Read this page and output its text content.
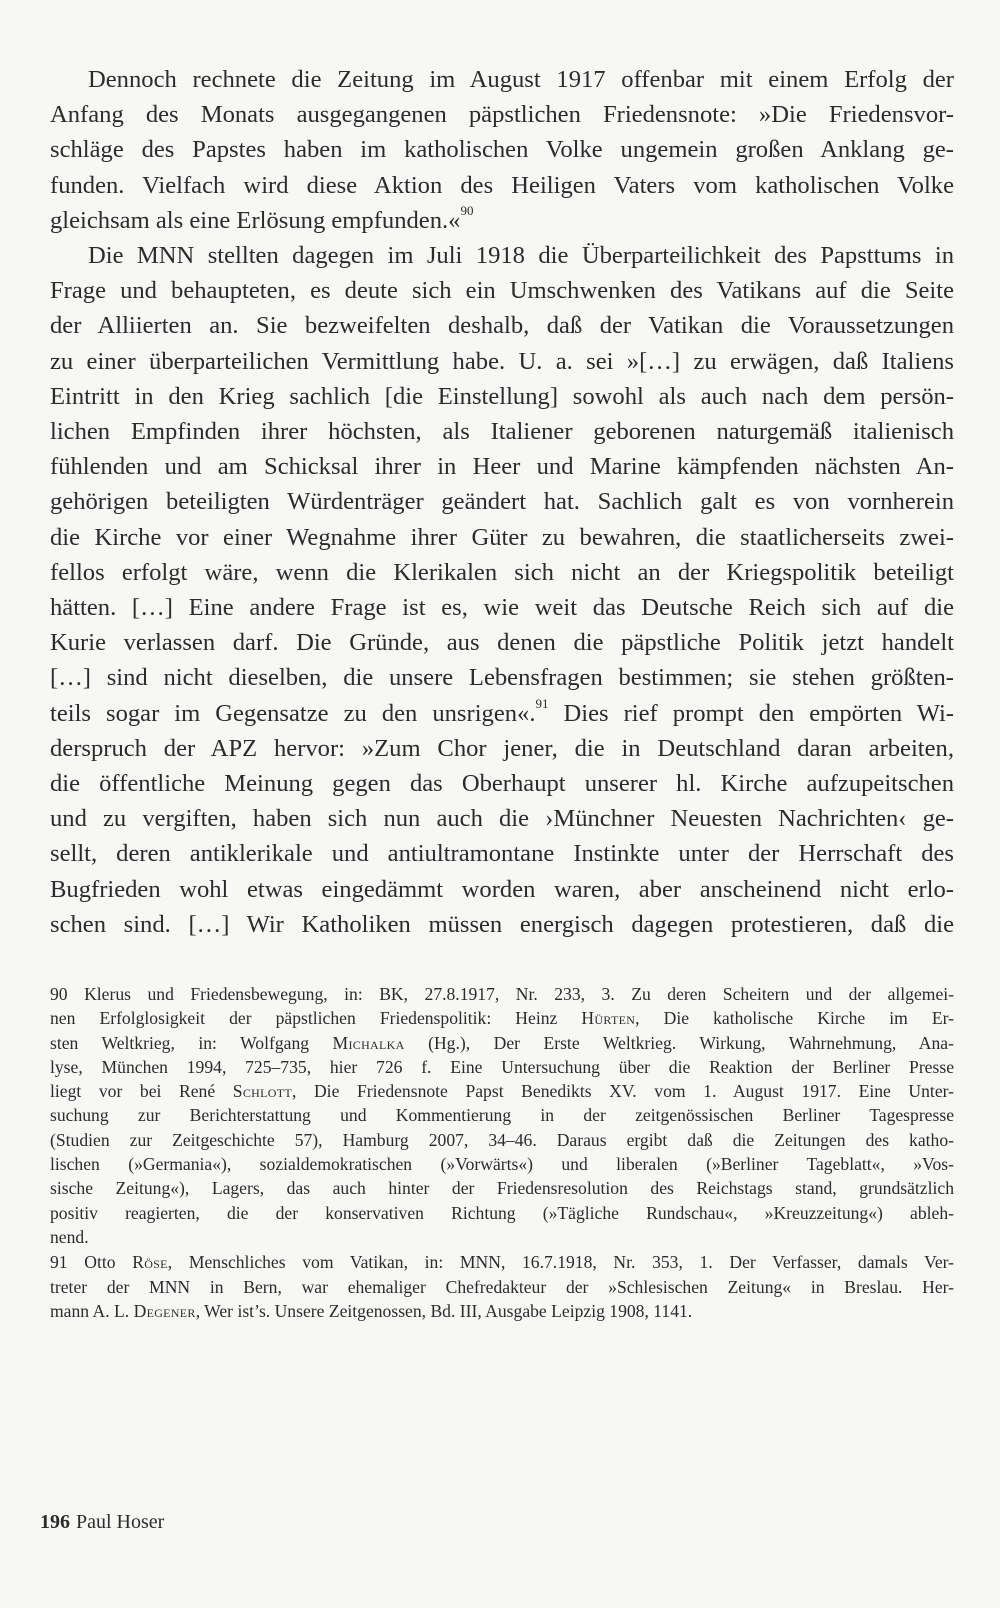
Dennoch rechnete die Zeitung im August 1917 offenbar mit einem Erfolg der
Anfang des Monats ausgegangenen päpstlichen Friedensnote: »Die Friedensvor-
schläge des Papstes haben im katholischen Volke ungemein großen Anklang ge-
funden. Vielfach wird diese Aktion des Heiligen Vaters vom katholischen Volke
gleichsam als eine Erlösung empfunden.«$^{90}$

Die MNN stellten dagegen im Juli 1918 die Überparteilichkeit des Papsttums in
Frage und behaupteten, es deute sich ein Umschwenken des Vatikans auf die Seite
der Alliierten an. Sie bezweifelten deshalb, daß der Vatikan die Voraussetzungen
zu einer überparteilichen Vermittlung habe. U. a. sei »[…] zu erwägen, daß Italiens
Eintritt in den Krieg sachlich [die Einstellung] sowohl als auch nach dem persön-
lichen Empfinden ihrer höchsten, als Italiener geborenen naturgemäß italienisch
fühlenden und am Schicksal ihrer in Heer und Marine kämpfenden nächsten An-
gehörigen beteiligten Würdenträger geändert hat. Sachlich galt es von vornherein
die Kirche vor einer Wegnahme ihrer Güter zu bewahren, die staatlicherseits zwei-
fellos erfolgt wäre, wenn die Klerikalen sich nicht an der Kriegspolitik beteiligt
hätten. […] Eine andere Frage ist es, wie weit das Deutsche Reich sich auf die
Kurie verlassen darf. Die Gründe, aus denen die päpstliche Politik jetzt handelt
[…] sind nicht dieselben, die unsere Lebensfragen bestimmen; sie stehen größten-
teils sogar im Gegensatze zu den unsrigen«.$^{91}$ Dies rief prompt den empörten Wi-
derspruch der APZ hervor: »Zum Chor jener, die in Deutschland daran arbeiten,
die öffentliche Meinung gegen das Oberhaupt unserer hl. Kirche aufzupeitschen
und zu vergiften, haben sich nun auch die ›Münchner Neuesten Nachrichten‹ ge-
sellt, deren antiklerikale und antiultramontane Instinkte unter der Herrschaft des
Bugfrieden wohl etwas eingedämmt worden waren, aber anscheinend nicht erlo-
schen sind. […] Wir Katholiken müssen energisch dagegen protestieren, daß die

90 Klerus und Friedensbewegung, in: BK, 27.8.1917, Nr. 233, 3. Zu deren Scheitern und der allgemei-
nen Erfolglosigkeit der päpstlichen Friedenspolitik: Heinz Hürten, Die katholische Kirche im Er-
sten Weltkrieg, in: Wolfgang Michalka (Hg.), Der Erste Weltkrieg. Wirkung, Wahrnehmung, Ana-
lyse, München 1994, 725–735, hier 726 f. Eine Untersuchung über die Reaktion der Berliner Presse
liegt vor bei René Schlott, Die Friedensnote Papst Benedikts XV. vom 1. August 1917. Eine Unter-
suchung zur Berichterstattung und Kommentierung in der zeitgenössischen Berliner Tagespresse
(Studien zur Zeitgeschichte 57), Hamburg 2007, 34–46. Daraus ergibt daß die Zeitungen des katho-
lischen (»Germania«), sozialdemokratischen (»Vorwärts«) und liberalen (»Berliner Tageblatt«, »Vos-
sische Zeitung«), Lagers, das auch hinter der Friedensresolution des Reichstags stand, grundsätzlich
positiv reagierten, die der konservativen Richtung (»Tägliche Rundschau«, »Kreuzzeitung«) ableh-
nend.
91 Otto Röse, Menschliches vom Vatikan, in: MNN, 16.7.1918, Nr. 353, 1. Der Verfasser, damals Ver-
treter der MNN in Bern, war ehemaliger Chefredakteur der »Schlesischen Zeitung« in Breslau. Her-
mann A. L. Degener, Wer ist’s. Unsere Zeitgenossen, Bd. III, Ausgabe Leipzig 1908, 1141.
196 Paul Hoser
